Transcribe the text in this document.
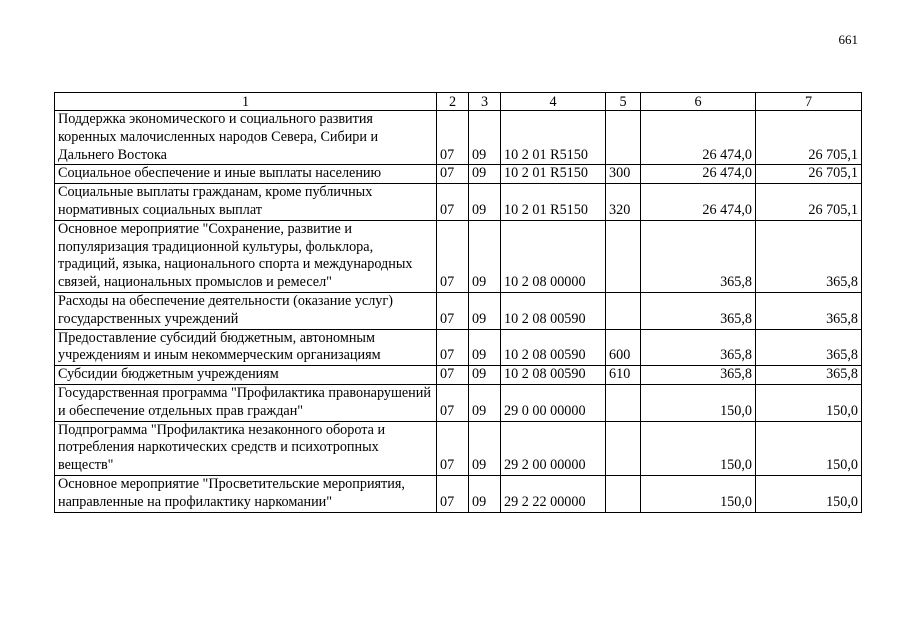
661
1	2	3	4	5	6	7
Поддержка экономического и социального развития коренных малочисленных народов Севера, Сибири и Дальнего Востока	07	09	10 2 01 R5150		26 474,0	26 705,1
Социальное обеспечение и иные выплаты населению	07	09	10 2 01 R5150	300	26 474,0	26 705,1
Социальные выплаты гражданам, кроме публичных нормативных социальных выплат	07	09	10 2 01 R5150	320	26 474,0	26 705,1
Основное мероприятие "Сохранение, развитие и популяризация традиционной культуры, фольклора, традиций, языка, национального спорта и международных связей, национальных промыслов и ремесел"	07	09	10 2 08 00000		365,8	365,8
Расходы на обеспечение деятельности (оказание услуг) государственных учреждений	07	09	10 2 08 00590		365,8	365,8
Предоставление субсидий бюджетным, автономным учреждениям и иным некоммерческим организациям	07	09	10 2 08 00590	600	365,8	365,8
Субсидии бюджетным учреждениям	07	09	10 2 08 00590	610	365,8	365,8
Государственная программа "Профилактика правонарушений и обеспечение отдельных прав граждан"	07	09	29 0 00 00000		150,0	150,0
Подпрограмма "Профилактика незаконного оборота и потребления наркотических средств и психотропных веществ"	07	09	29 2 00 00000		150,0	150,0
Основное мероприятие "Просветительские мероприятия, направленные на профилактику наркомании"	07	09	29 2 22 00000		150,0	150,0
